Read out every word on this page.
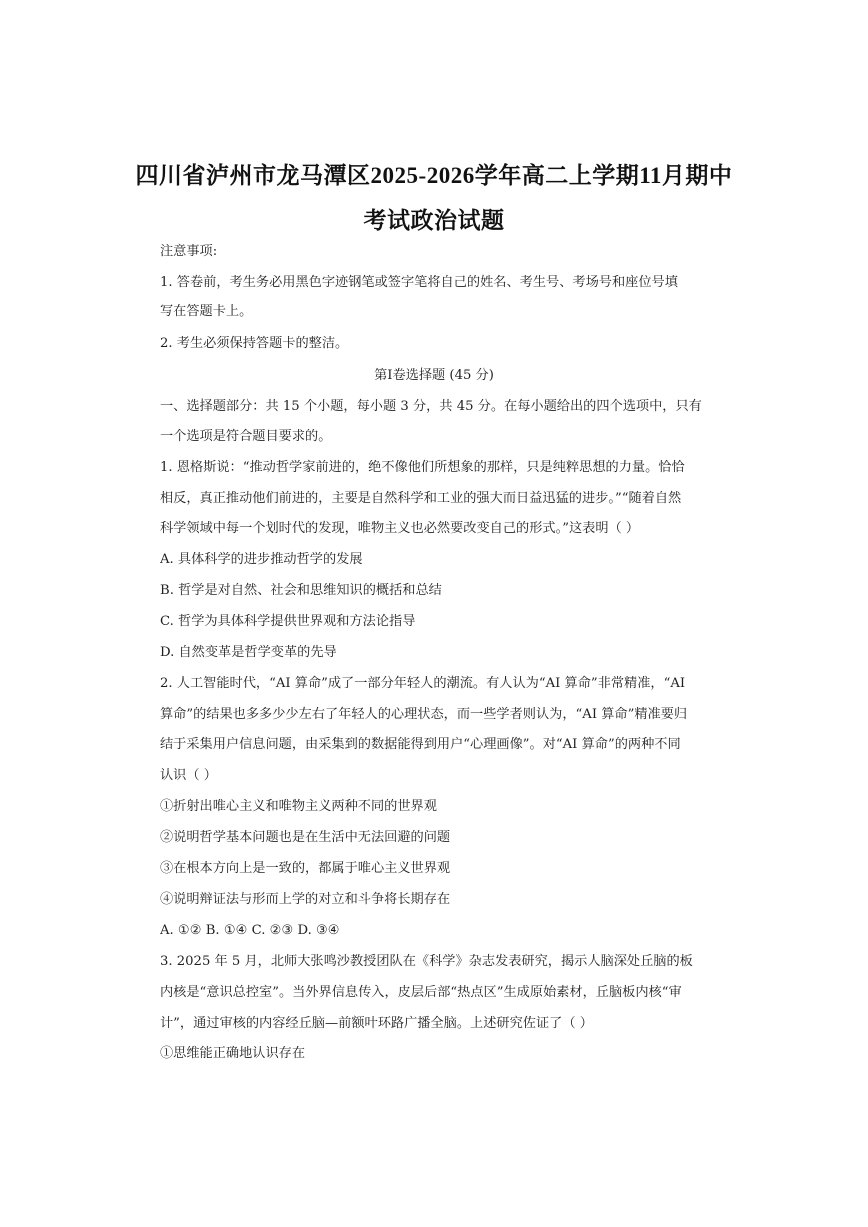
四川省泸州市龙马潭区2025-2026学年高二上学期11月期中
考试政治试题
注意事项:
1. 答卷前，考生务必用黑色字迹钢笔或签字笔将自己的姓名、考生号、考场号和座位号填
写在答题卡上。
2. 考生必须保持答题卡的整洁。
第Ⅰ卷选择题 (45 分)
一、选择题部分：共 15 个小题，每小题 3 分，共 45 分。在每小题给出的四个选项中，只有
一个选项是符合题目要求的。
1. 恩格斯说：“推动哲学家前进的，绝不像他们所想象的那样，只是纯粹思想的力量。恰恰
相反，真正推动他们前进的，主要是自然科学和工业的强大而日益迅猛的进步。”“随着自然
科学领域中每一个划时代的发现，唯物主义也必然要改变自己的形式。”这表明（ ）
A. 具体科学的进步推动哲学的发展
B. 哲学是对自然、社会和思维知识的概括和总结
C. 哲学为具体科学提供世界观和方法论指导
D. 自然变革是哲学变革的先导
2. 人工智能时代，“AI 算命”成了一部分年轻人的潮流。有人认为“AI 算命”非常精准，“AI
算命”的结果也多多少少左右了年轻人的心理状态，而一些学者则认为，“AI 算命”精准要归
结于采集用户信息问题，由采集到的数据能得到用户“心理画像”。对“AI 算命”的两种不同
认识（ ）
①折射出唯心主义和唯物主义两种不同的世界观
②说明哲学基本问题也是在生活中无法回避的问题
③在根本方向上是一致的，都属于唯心主义世界观
④说明辩证法与形而上学的对立和斗争将长期存在
A. ①② B. ①④ C. ②③ D. ③④
3. 2025 年 5 月，北师大张鸣沙教授团队在《科学》杂志发表研究，揭示人脑深处丘脑的板
内核是“意识总控室”。当外界信息传入，皮层后部“热点区”生成原始素材，丘脑板内核“审
计”，通过审核的内容经丘脑—前额叶环路广播全脑。上述研究佐证了（ ）
①思维能正确地认识存在
